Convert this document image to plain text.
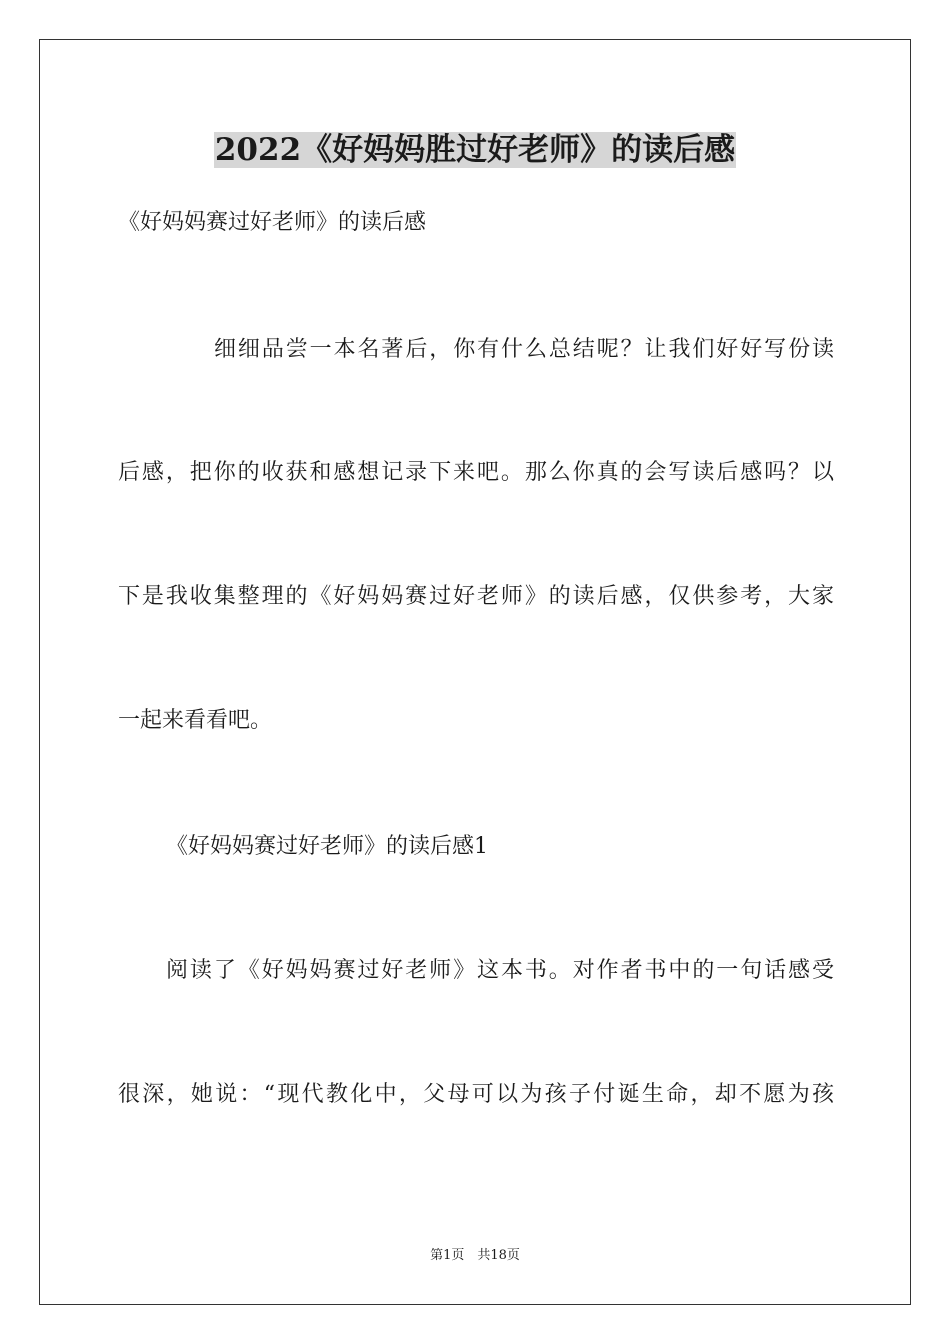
2022《好妈妈胜过好老师》的读后感
《好妈妈赛过好老师》的读后感
细细品尝一本名著后，你有什么总结呢？让我们好好写份读
后感，把你的收获和感想记录下来吧。那么你真的会写读后感吗？以
下是我收集整理的《好妈妈赛过好老师》的读后感，仅供参考，大家
一起来看看吧。
《好妈妈赛过好老师》的读后感1
阅读了《好妈妈赛过好老师》这本书。对作者书中的一句话感受
很深，她说：“现代教化中，父母可以为孩子付诞生命，却不愿为孩
第1页　共18页
